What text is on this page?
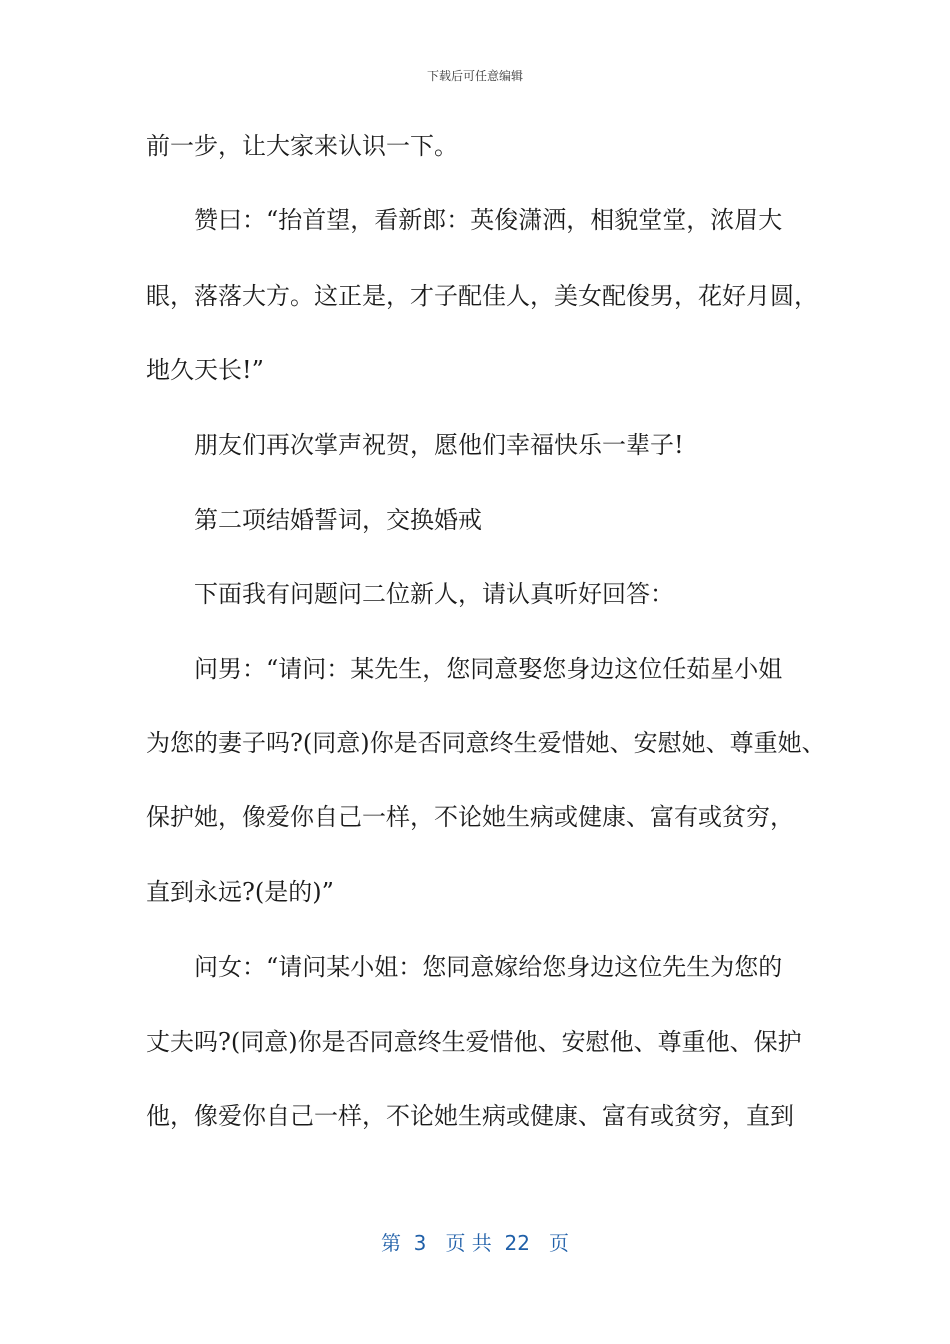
下载后可任意编辑
前一步，让大家来认识一下。
赞曰：“抬首望，看新郎：英俊潇洒，相貌堂堂，浓眉大
眼，落落大方。这正是，才子配佳人，美女配俊男，花好月圆，
地久天长!”
朋友们再次掌声祝贺，愿他们幸福快乐一辈子!
第二项结婚誓词，交换婚戒
下面我有问题问二位新人，请认真听好回答：
问男：“请问：某先生，您同意娶您身边这位任茹星小姐
为您的妻子吗?(同意)你是否同意终生爱惜她、安慰她、尊重她、
保护她，像爱你自己一样，不论她生病或健康、富有或贫穷，
直到永远?(是的)”
问女：“请问某小姐：您同意嫁给您身边这位先生为您的
丈夫吗?(同意)你是否同意终生爱惜他、安慰他、尊重他、保护
他，像爱你自己一样，不论她生病或健康、富有或贫穷，直到
第  3   页 共  22   页
